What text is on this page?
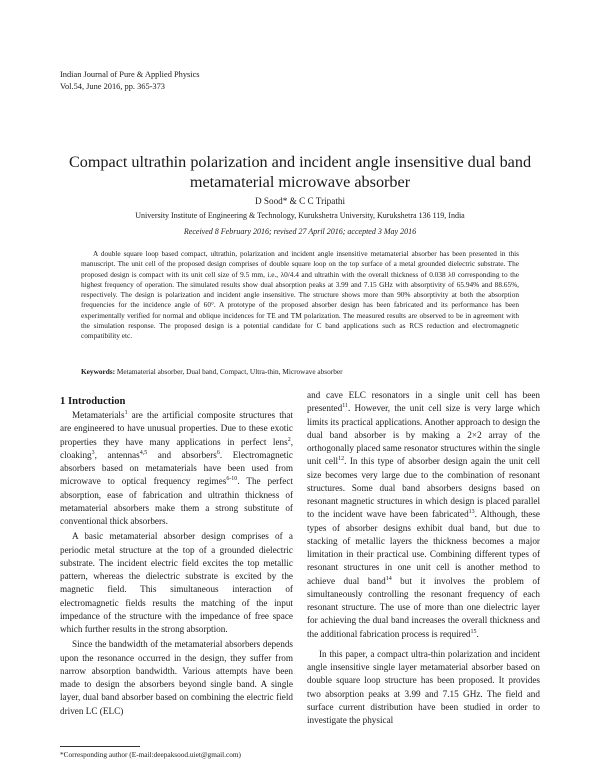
Indian Journal of Pure & Applied Physics
Vol.54, June 2016, pp. 365-373
Compact ultrathin polarization and incident angle insensitive dual band metamaterial microwave absorber
D Sood* & C C Tripathi
University Institute of Engineering & Technology, Kurukshetra University, Kurukshetra 136 119, India
Received 8 February 2016; revised 27 April 2016; accepted 3 May 2016

A double square loop based compact, ultrathin, polarization and incident angle insensitive metamaterial absorber has been presented in this manuscript. The unit cell of the proposed design comprises of double square loop on the top surface of a metal grounded dielectric substrate. The proposed design is compact with its unit cell size of 9.5 mm, i.e., λ0/4.4 and ultrathin with the overall thickness of 0.038 λ0 corresponding to the highest frequency of operation. The simulated results show dual absorption peaks at 3.99 and 7.15 GHz with absorptivity of 65.94% and 88.65%, respectively. The design is polarization and incident angle insensitive. The structure shows more than 90% absorptivity at both the absorption frequencies for the incidence angle of 60°. A prototype of the proposed absorber design has been fabricated and its performance has been experimentally verified for normal and oblique incidences for TE and TM polarization. The measured results are observed to be in agreement with the simulation response. The proposed design is a potential candidate for C band applications such as RCS reduction and electromagnetic compatibility etc.

Keywords: Metamaterial absorber, Dual band, Compact, Ultra-thin, Microwave absorber

1 Introduction

Metamaterials$^1$ are the artificial composite structures that are engineered to have unusual properties. Due to these exotic properties they have many applications in perfect lens$^2$, cloaking$^3$, antennas$^{4,5}$ and absorbers$^6$. Electromagnetic absorbers based on metamaterials have been used from microwave to optical frequency regimes$^{6-10}$. The perfect absorption, ease of fabrication and ultrathin thickness of metamaterial absorbers make them a strong substitute of conventional thick absorbers.

A basic metamaterial absorber design comprises of a periodic metal structure at the top of a grounded dielectric substrate. The incident electric field excites the top metallic pattern, whereas the dielectric substrate is excited by the magnetic field. This simultaneous interaction of electromagnetic fields results the matching of the input impedance of the structure with the impedance of free space which further results in the strong absorption.

Since the bandwidth of the metamaterial absorbers depends upon the resonance occurred in the design, they suffer from narrow absorption bandwidth. Various attempts have been made to design the absorbers beyond single band. A single layer, dual band absorber based on combining the electric field driven LC (ELC)

and cave ELC resonators in a single unit cell has been presented$^{11}$. However, the unit cell size is very large which limits its practical applications. Another approach to design the dual band absorber is by making a 2×2 array of the orthogonally placed same resonator structures within the single unit cell$^{12}$. In this type of absorber design again the unit cell size becomes very large due to the combination of resonant structures. Some dual band absorbers designs based on resonant magnetic structures in which design is placed parallel to the incident wave have been fabricated$^{13}$. Although, these types of absorber designs exhibit dual band, but due to stacking of metallic layers the thickness becomes a major limitation in their practical use. Combining different types of resonant structures in one unit cell is another method to achieve dual band$^{14}$ but it involves the problem of simultaneously controlling the resonant frequency of each resonant structure. The use of more than one dielectric layer for achieving the dual band increases the overall thickness and the additional fabrication process is required$^{15}$.

In this paper, a compact ultra-thin polarization and incident angle insensitive single layer metamaterial absorber based on double square loop structure has been proposed. It provides two absorption peaks at 3.99 and 7.15 GHz. The field and surface current distribution have been studied in order to investigate the physical

*Corresponding author (E-mail:deepaksood.uiet@gmail.com)
